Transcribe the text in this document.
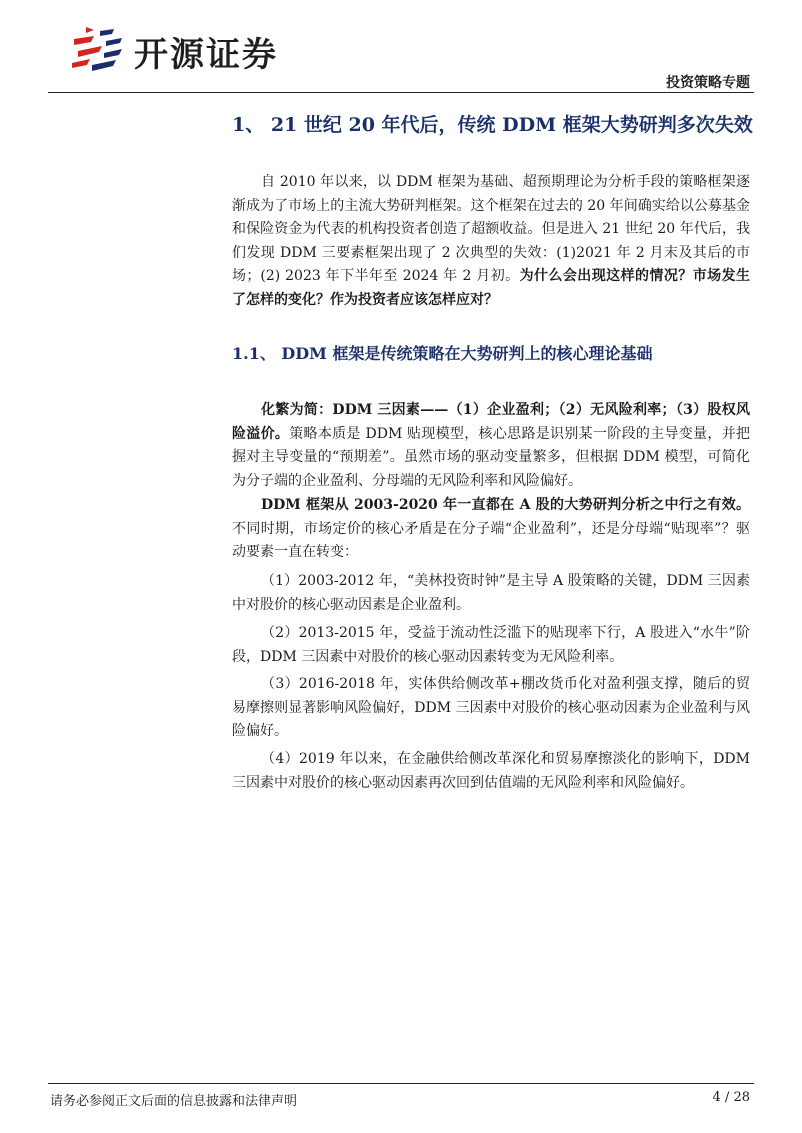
开源证券
投资策略专题
1、 21 世纪 20 年代后，传统 DDM 框架大势研判多次失效

自 2010 年以来，以 DDM 框架为基础、超预期理论为分析手段的策略框架逐渐成为了市场上的主流大势研判框架。这个框架在过去的 20 年间确实给以公募基金和保险资金为代表的机构投资者创造了超额收益。但是进入 21 世纪 20 年代后，我们发现 DDM 三要素框架出现了 2 次典型的失效：(1)2021 年 2 月末及其后的市场；(2) 2023 年下半年至 2024 年 2 月初。为什么会出现这样的情况？市场发生了怎样的变化？作为投资者应该怎样应对？

1.1、 DDM 框架是传统策略在大势研判上的核心理论基础

化繁为简：DDM 三因素——（1）企业盈利；（2）无风险利率；（3）股权风险溢价。策略本质是 DDM 贴现模型，核心思路是识别某一阶段的主导变量，并把握对主导变量的“预期差”。虽然市场的驱动变量繁多，但根据 DDM 模型，可简化为分子端的企业盈利、分母端的无风险利率和风险偏好。

DDM 框架从 2003-2020 年一直都在 A 股的大势研判分析之中行之有效。不同时期，市场定价的核心矛盾是在分子端“企业盈利”，还是分母端“贴现率”？驱动要素一直在转变：

（1）2003-2012 年，“美林投资时钟”是主导 A 股策略的关键，DDM 三因素中对股价的核心驱动因素是企业盈利。

（2）2013-2015 年，受益于流动性泛滥下的贴现率下行，A 股进入“水牛”阶段，DDM 三因素中对股价的核心驱动因素转变为无风险利率。

（3）2016-2018 年，实体供给侧改革+棚改货币化对盈利强支撑，随后的贸易摩擦则显著影响风险偏好，DDM 三因素中对股价的核心驱动因素为企业盈利与风险偏好。

（4）2019 年以来，在金融供给侧改革深化和贸易摩擦淡化的影响下，DDM 三因素中对股价的核心驱动因素再次回到估值端的无风险利率和风险偏好。

请务必参阅正文后面的信息披露和法律声明	4 / 28
